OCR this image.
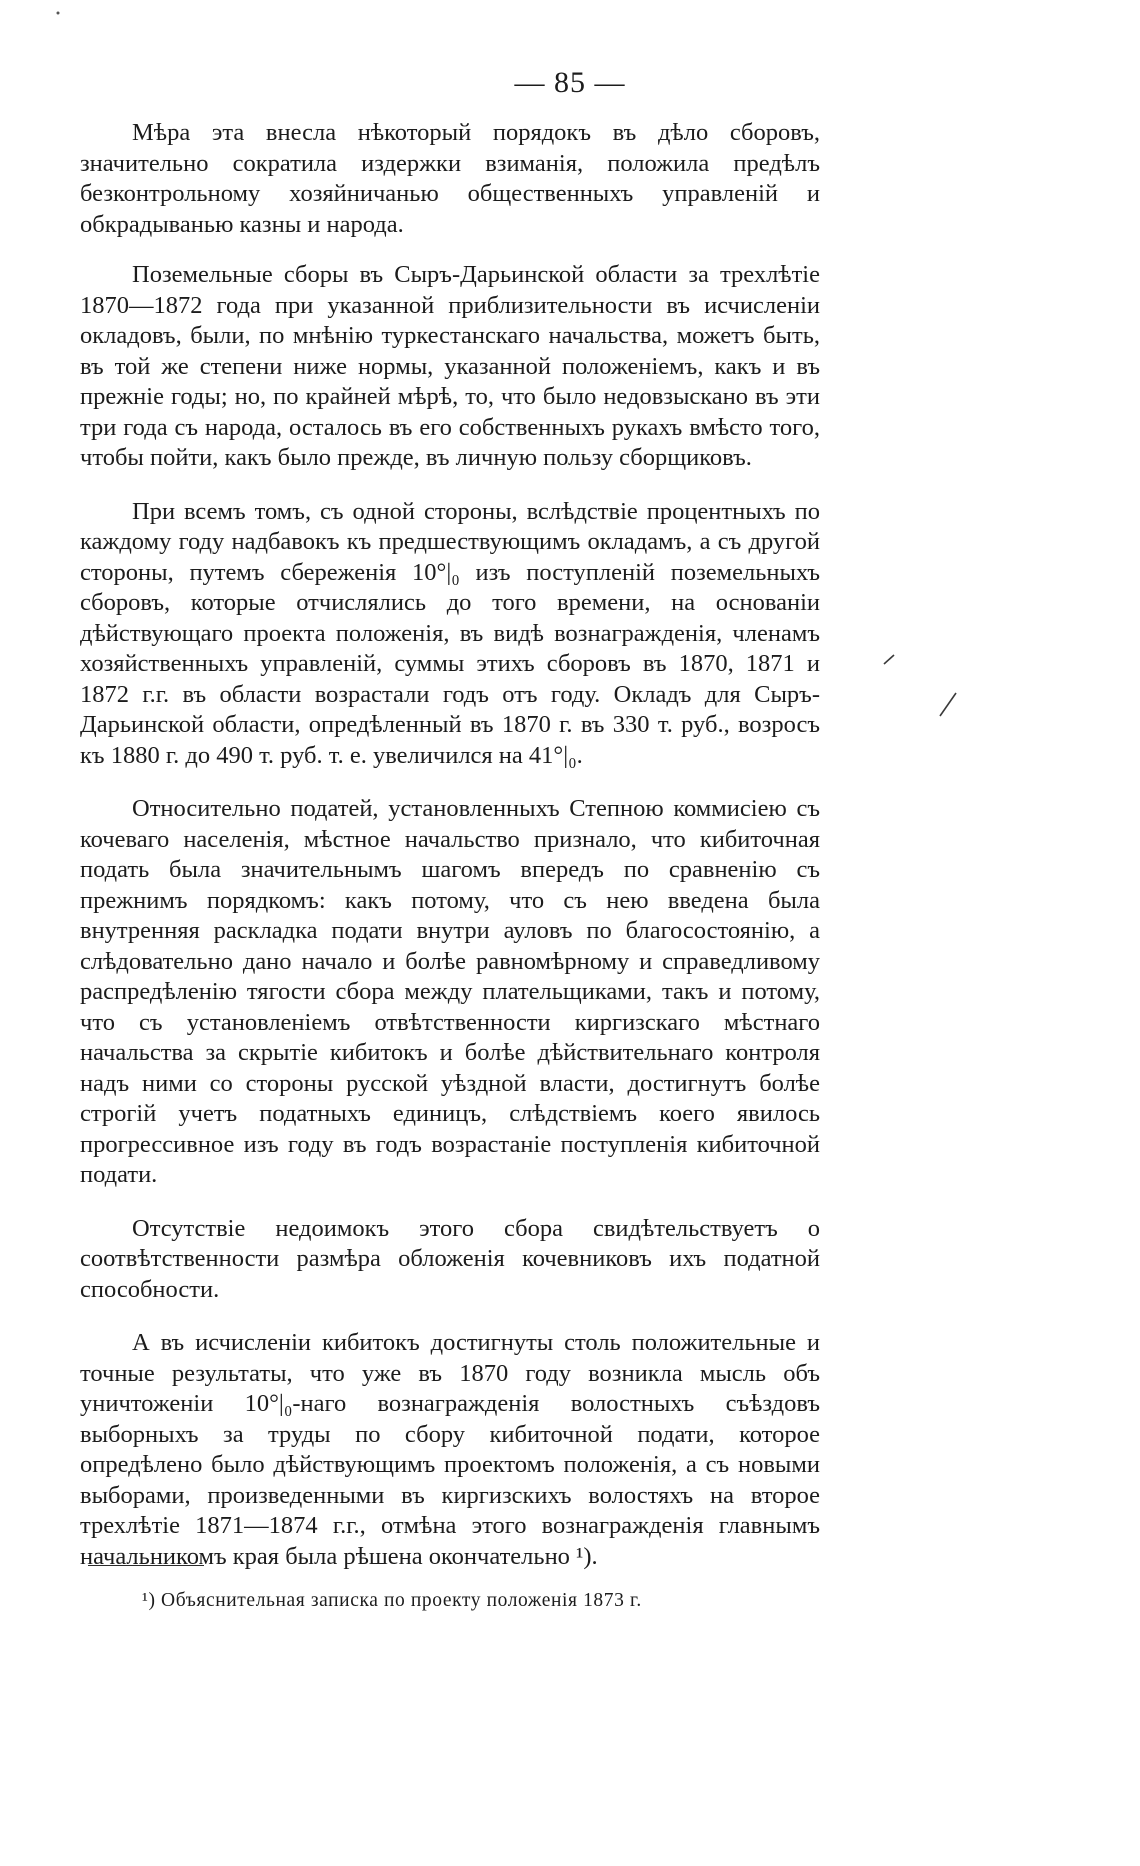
— 85 —

Мѣра эта внесла нѣкоторый порядокъ въ дѣло сборовъ, значительно сократила издержки взиманія, положила предѣлъ безконтрольному хозяйничанью общественныхъ управленій и обкрадыванью казны и народа.

Поземельные сборы въ Сыръ-Дарьинской области за трехлѣтіе 1870—1872 года при указанной приблизительности въ исчисленіи окладовъ, были, по мнѣнію туркестанскаго начальства, можетъ быть, въ той же степени ниже нормы, указанной положеніемъ, какъ и въ прежніе годы; но, по крайней мѣрѣ, то, что было недовзыскано въ эти три года съ народа, осталось въ его собственныхъ рукахъ вмѣсто того, чтобы пойти, какъ было прежде, въ личную пользу сборщиковъ.

При всемъ томъ, съ одной стороны, вслѣдствіе процентныхъ по каждому году надбавокъ къ предшествующимъ окладамъ, а съ другой стороны, путемъ сбереженія 10°|₀ изъ поступленій поземельныхъ сборовъ, которые отчислялись до того времени, на основаніи дѣйствующаго проекта положенія, въ видѣ вознагражденія, членамъ хозяйственныхъ управленій, суммы этихъ сборовъ въ 1870, 1871 и 1872 г.г. въ области возрастали годъ отъ году. Окладъ для Сыръ-Дарьинской области, опредѣленный въ 1870 г. въ 330 т. руб., возросъ къ 1880 г. до 490 т. руб. т. е. увеличился на 41°|₀.

Относительно податей, установленныхъ Степною коммисіею съ кочеваго населенія, мѣстное начальство признало, что кибиточная подать была значительнымъ шагомъ впередъ по сравненію съ прежнимъ порядкомъ: какъ потому, что съ нею введена была внутренняя раскладка подати внутри ауловъ по благосостоянію, а слѣдовательно дано начало и болѣе равномѣрному и справедливому распредѣленію тягости сбора между плательщиками, такъ и потому, что съ установленіемъ отвѣтственности киргизскаго мѣстнаго начальства за скрытіе кибитокъ и болѣе дѣйствительнаго контроля надъ ними со стороны русской уѣздной власти, достигнутъ болѣе строгій учетъ податныхъ единицъ, слѣдствіемъ коего явилось прогрессивное изъ году въ годъ возрастаніе поступленія кибиточной подати.

Отсутствіе недоимокъ этого сбора свидѣтельствуетъ о соотвѣтственности размѣра обложенія кочевниковъ ихъ податной способности.

А въ исчисленіи кибитокъ достигнуты столь положительные и точные результаты, что уже въ 1870 году возникла мысль объ уничтоженіи 10°|₀-наго вознагражденія волостныхъ съѣздовъ выборныхъ за труды по сбору кибиточной подати, которое опредѣлено было дѣйствующимъ проектомъ положенія, а съ новыми выборами, произведенными въ киргизскихъ волостяхъ на второе трехлѣтіе 1871—1874 г.г., отмѣна этого вознагражденія главнымъ начальникомъ края была рѣшена окончательно ¹).

¹) Объяснительная записка по проекту положенія 1873 г.
